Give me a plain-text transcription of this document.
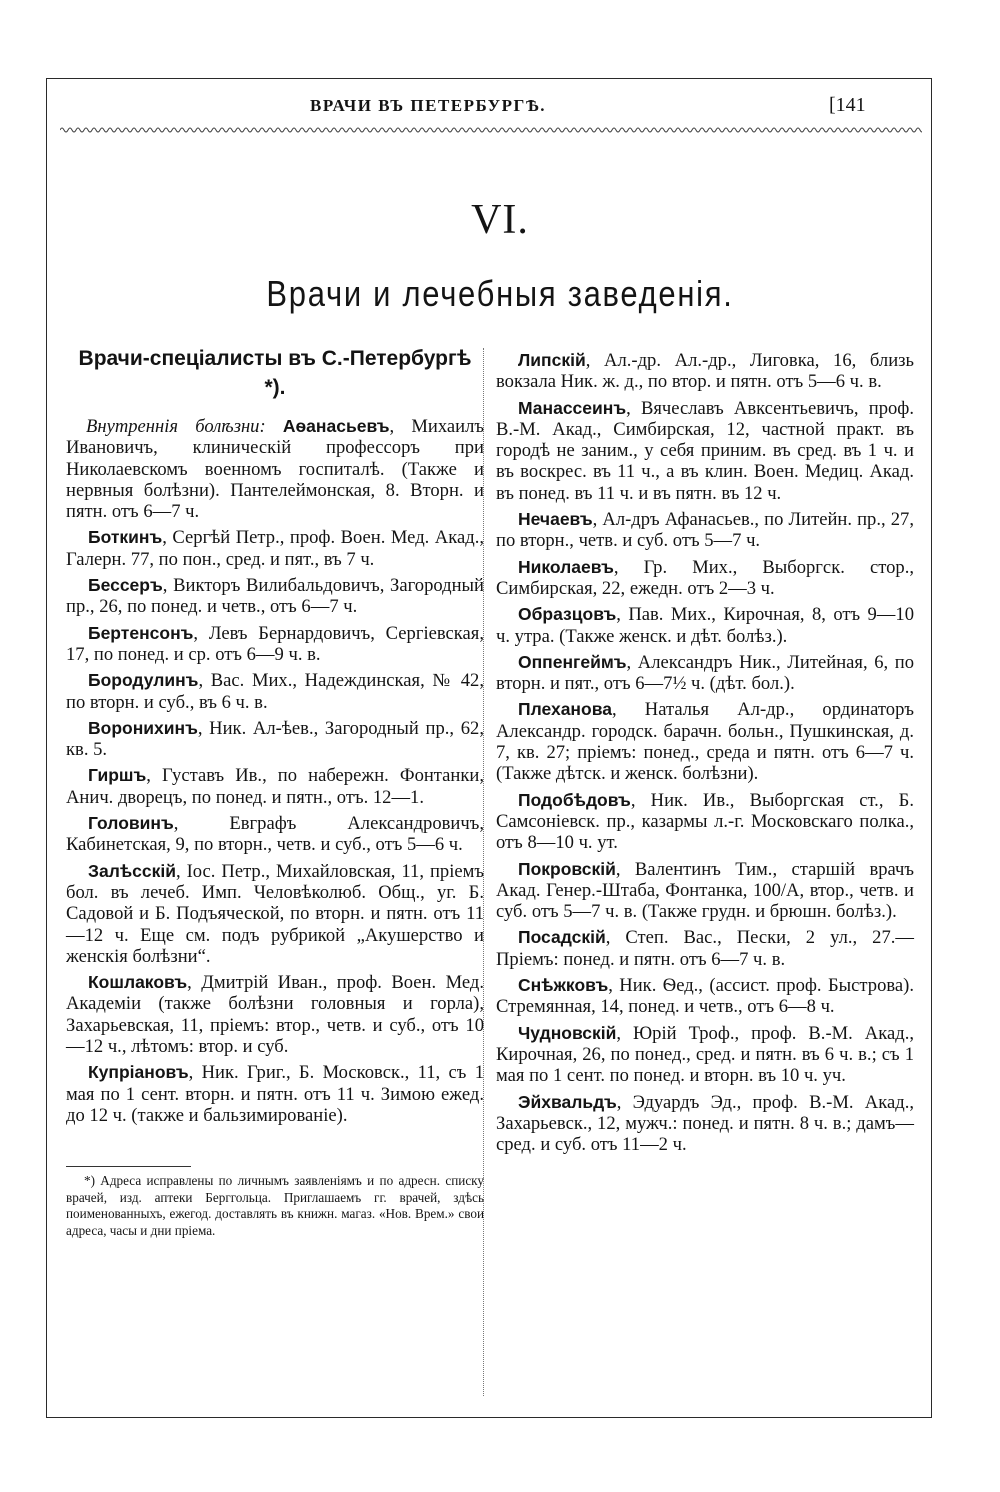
ВРАЧИ ВЪ ПЕТЕРБУРГѢ.	[141
VI.
Врачи и лечебныя заведенія.
Врачи-спеціалисты въ С.-Петербургѣ *).
Внутреннія болѣзни: Аѳанасьевъ, Михаилъ Ивановичъ, клиническій профессоръ при Николаевскомъ военномъ госпиталѣ. (Также и нервныя болѣзни). Пантелеймонская, 8. Вторн. и пятн. отъ 6—7 ч.
Боткинъ, Сергѣй Петр., проф. Воен. Мед. Акад., Галерн. 77, по пон., сред. и пят., въ 7 ч.
Бессеръ, Викторъ Вилибальдовичъ, Загородный пр., 26, по понед. и четв., отъ 6—7 ч.
Бертенсонъ, Левъ Бернардовичъ, Сергіевская, 17, по понед. и ср. отъ 6—9 ч. в.
Бородулинъ, Вас. Мих., Надеждинская, № 42, по вторн. и суб., въ 6 ч. в.
Воронихинъ, Ник. Ал-ѣев., Загородный пр., 62, кв. 5.
Гиршъ, Густавъ Ив., по набережн. Фонтанки, Анич. дворецъ, по понед. и пятн., отъ. 12—1.
Головинъ, Евграфъ Александровичъ, Кабинетская, 9, по вторн., четв. и суб., отъ 5—6 ч.
Залѣсскій, Іос. Петр., Михайловская, 11, пріемъ бол. въ лечеб. Имп. Человѣколюб. Общ., уг. Б. Садовой и Б. Подъяческой, по вторн. и пятн. отъ 11—12 ч. Еще см. подъ рубрикой „Акушерство и женскія болѣзни“.
Кошлаковъ, Дмитрій Иван., проф. Воен. Мед. Академіи (также болѣзни головныя и горла), Захарьевская, 11, пріемъ: втор., четв. и суб., отъ 10—12 ч., лѣтомъ: втор. и суб.
Купріановъ, Ник. Григ., Б. Московск., 11, съ 1 мая по 1 сент. вторн. и пятн. отъ 11 ч. Зимою ежед. до 12 ч. (также и бальзимированіе).
*) Адреса исправлены по личнымъ заявленіямъ и по адресн. списку врачей, изд. аптеки Берггольца. Приглашаемъ гг. врачей, здѣсь поименованныхъ, ежегод. доставлять въ книжн. магаз. «Нов. Врем.» свои адреса, часы и дни пріема.
Липскій, Ал.-др. Ал.-др., Лиговка, 16, близь вокзала Ник. ж. д., по втор. и пятн. отъ 5—6 ч. в.
Манассеинъ, Вячеславъ Авксентьевичъ, проф. В.-М. Акад., Симбирская, 12, частной практ. въ городѣ не заним., у себя приним. въ сред. въ 1 ч. и въ воскрес. въ 11 ч., а въ клин. Воен. Медиц. Акад. въ понед. въ 11 ч. и въ пятн. въ 12 ч.
Нечаевъ, Ал-дръ Афанасьев., по Литейн. пр., 27, по вторн., четв. и суб. отъ 5—7 ч.
Николаевъ, Гр. Мих., Выборгск. стор., Симбирская, 22, ежедн. отъ 2—3 ч.
Образцовъ, Пав. Мих., Кирочная, 8, отъ 9—10 ч. утра. (Также женск. и дѣт. болѣз.).
Оппенгеймъ, Александръ Ник., Литейная, 6, по вторн. и пят., отъ 6—7½ ч. (дѣт. бол.).
Плеханова, Наталья Ал-др., ординаторъ Александр. городск. барачн. больн., Пушкинская, д. 7, кв. 27; пріемъ: понед., среда и пятн. отъ 6—7 ч. (Также дѣтск. и женск. болѣзни).
Подобѣдовъ, Ник. Ив., Выборгская ст., Б. Самсоніевск. пр., казармы л.-г. Московскаго полка., отъ 8—10 ч. ут.
Покровскій, Валентинъ Тим., старшій врачъ Акад. Генер.-Штаба, Фонтанка, 100/А, втор., четв. и суб. отъ 5—7 ч. в. (Также грудн. и брюшн. болѣз.).
Посадскій, Степ. Вас., Пески, 2 ул., 27.—Пріемъ: понед. и пятн. отъ 6—7 ч. в.
Снѣжковъ, Ник. Ѳед., (ассист. проф. Быстрова). Стремянная, 14, понед. и четв., отъ 6—8 ч.
Чудновскій, Юрій Троф., проф. В.-М. Акад., Кирочная, 26, по понед., сред. и пятн. въ 6 ч. в.; съ 1 мая по 1 сент. по понед. и вторн. въ 10 ч. уч.
Эйхвальдъ, Эдуардъ Эд., проф. В.-М. Акад., Захарьевск., 12, мужч.: понед. и пятн. 8 ч. в.; дамъ—сред. и суб. отъ 11—2 ч.
